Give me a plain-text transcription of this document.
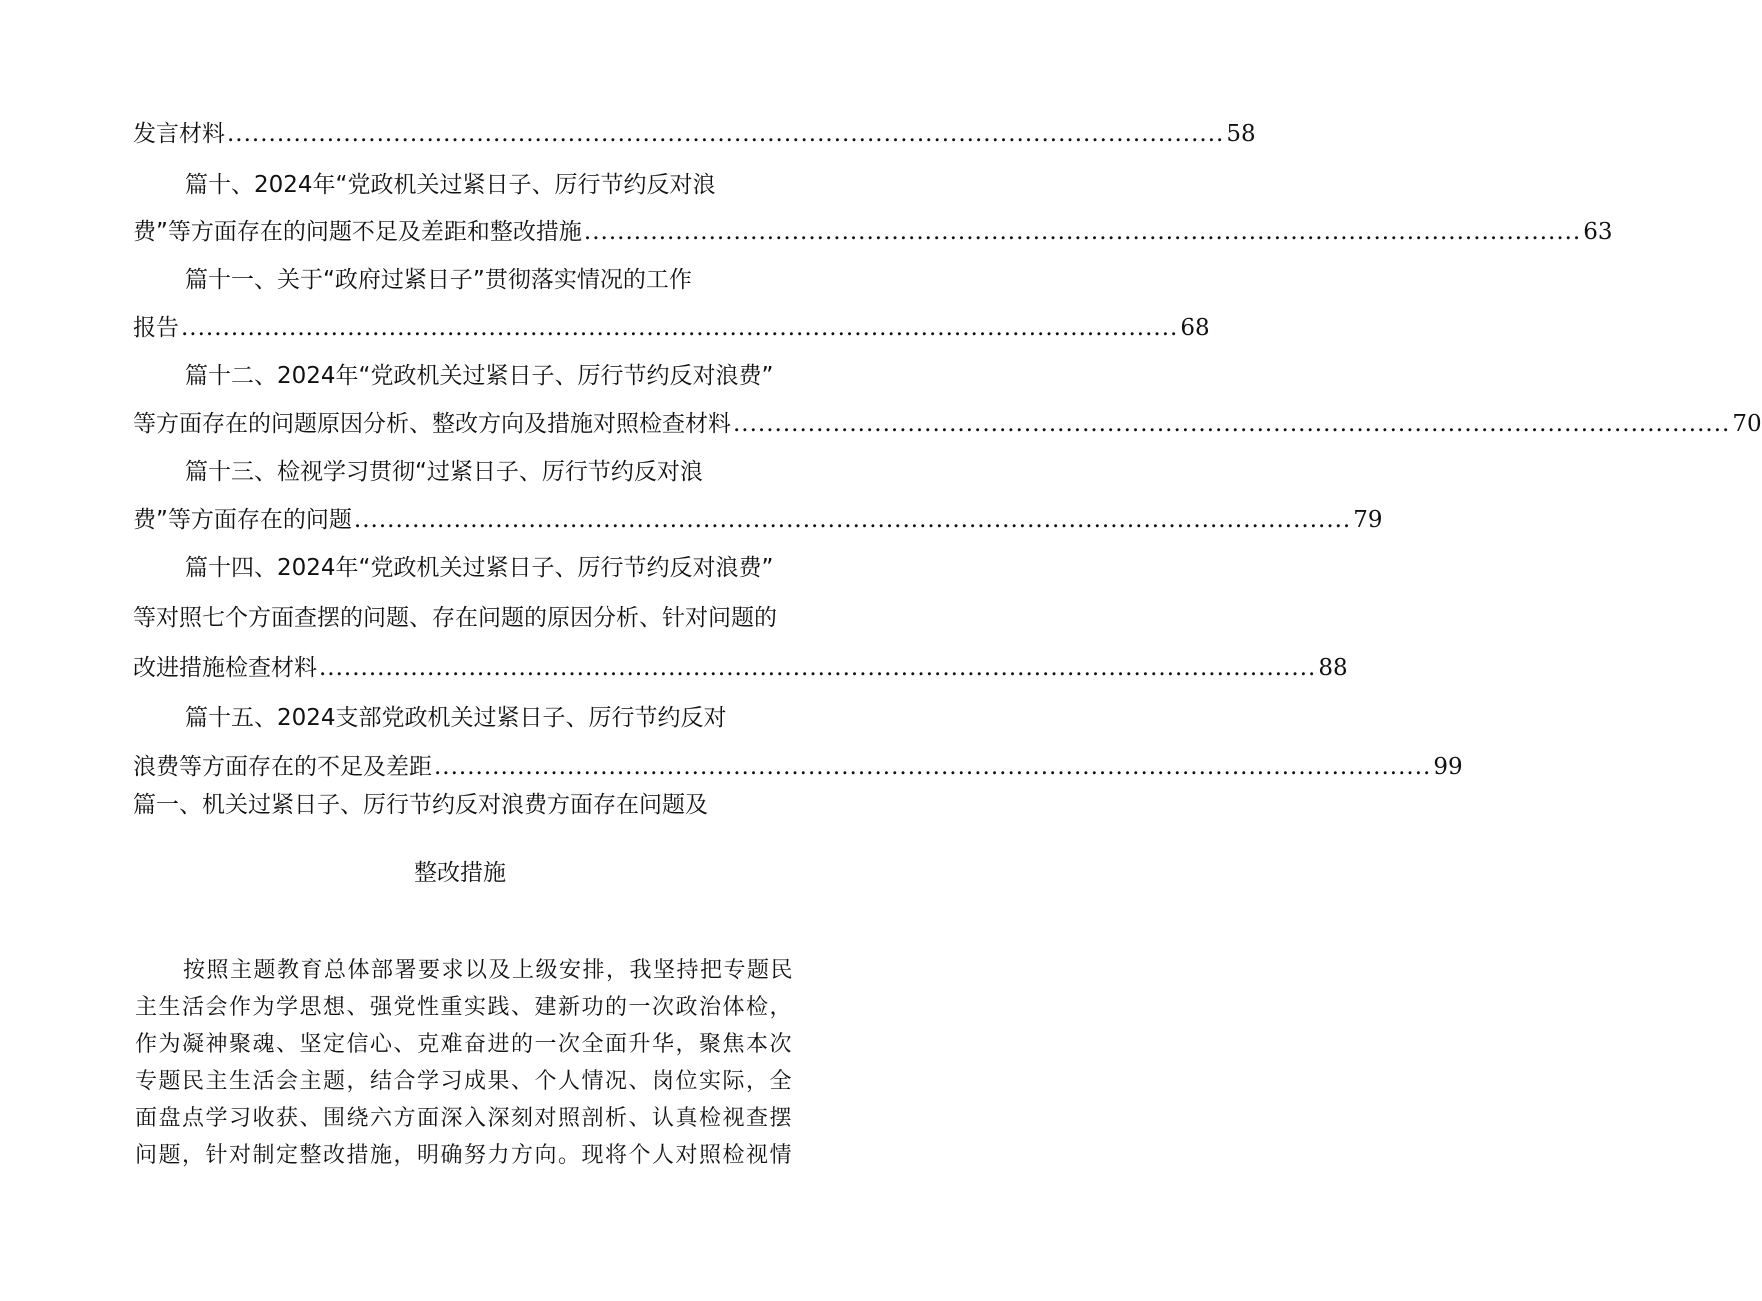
发言材料 ........................................................................................................................ 58
篇十、2024年“党政机关过紧日子、厉行节约反对浪
费”等方面存在的问题不足及差距和整改措施 ........................................................................................................................ 63
篇十一、关于“政府过紧日子”贯彻落实情况的工作
报告 ........................................................................................................................ 68
篇十二、2024年“党政机关过紧日子、厉行节约反对浪费”
等方面存在的问题原因分析、整改方向及措施对照检查材料 ........................................................................................................................ 70
篇十三、检视学习贯彻“过紧日子、厉行节约反对浪
费”等方面存在的问题 ........................................................................................................................ 79
篇十四、2024年“党政机关过紧日子、厉行节约反对浪费”
等对照七个方面查摆的问题、存在问题的原因分析、针对问题的
改进措施检查材料 ........................................................................................................................ 88
篇十五、2024支部党政机关过紧日子、厉行节约反对
浪费等方面存在的不足及差距 ........................................................................................................................ 99
篇一、机关过紧日子、厉行节约反对浪费方面存在问题及
整改措施
按照主题教育总体部署要求以及上级安排，我坚持把专题民
主生活会作为学思想、强党性重实践、建新功的一次政治体检，
作为凝神聚魂、坚定信心、克难奋进的一次全面升华，聚焦本次
专题民主生活会主题，结合学习成果、个人情况、岗位实际，全
面盘点学习收获、围绕六方面深入深刻对照剖析、认真检视查摆
问题，针对制定整改措施，明确努力方向。现将个人对照检视情
